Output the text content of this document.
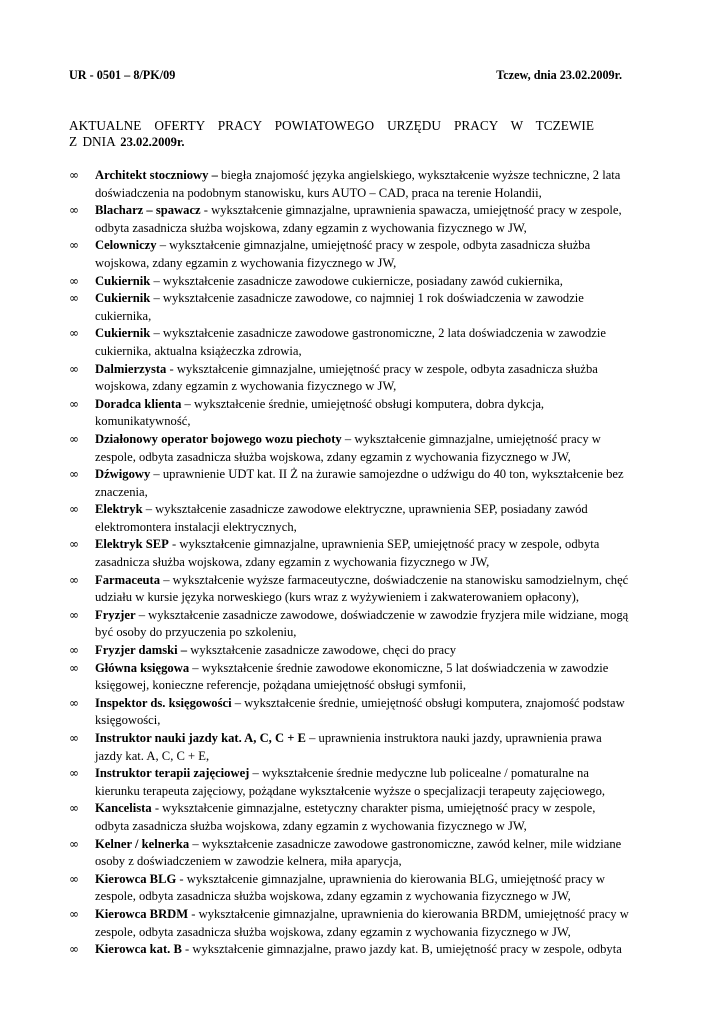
UR - 0501 – 8/PK/09	Tczew, dnia 23.02.2009r.
AKTUALNE OFERTY PRACY POWIATOWEGO URZĘDU PRACY W TCZEWIE
Z DNIA 23.02.2009r.
∞ Architekt stoczniowy – biegła znajomość języka angielskiego, wykształcenie wyższe techniczne, 2 lata doświadczenia na podobnym stanowisku, kurs AUTO – CAD, praca na terenie Holandii,
∞ Blacharz – spawacz - wykształcenie gimnazjalne, uprawnienia spawacza, umiejętność pracy w zespole, odbyta zasadnicza służba wojskowa, zdany egzamin z wychowania fizycznego w JW,
∞ Celowniczy – wykształcenie gimnazjalne, umiejętność pracy w zespole, odbyta zasadnicza służba wojskowa, zdany egzamin z wychowania fizycznego w JW,
∞ Cukiernik – wykształcenie zasadnicze zawodowe cukiernicze, posiadany zawód cukiernika,
∞ Cukiernik – wykształcenie zasadnicze zawodowe, co najmniej 1 rok doświadczenia w zawodzie cukiernika,
∞ Cukiernik – wykształcenie zasadnicze zawodowe gastronomiczne, 2 lata doświadczenia w zawodzie cukiernika, aktualna książeczka zdrowia,
∞ Dalmierzysta - wykształcenie gimnazjalne, umiejętność pracy w zespole, odbyta zasadnicza służba wojskowa, zdany egzamin z wychowania fizycznego w JW,
∞ Doradca klienta – wykształcenie średnie, umiejętność obsługi komputera, dobra dykcja, komunikatywność,
∞ Działonowy operator bojowego wozu piechoty – wykształcenie gimnazjalne, umiejętność pracy w zespole, odbyta zasadnicza służba wojskowa, zdany egzamin z wychowania fizycznego w JW,
∞ Dźwigowy – uprawnienie UDT kat. II Ż na żurawie samojezdne o udźwigu do 40 ton, wykształcenie bez znaczenia,
∞ Elektryk – wykształcenie zasadnicze zawodowe elektryczne, uprawnienia SEP, posiadany zawód elektromontera instalacji elektrycznych,
∞ Elektryk SEP - wykształcenie gimnazjalne, uprawnienia SEP, umiejętność pracy w zespole, odbyta zasadnicza służba wojskowa, zdany egzamin z wychowania fizycznego w JW,
∞ Farmaceuta – wykształcenie wyższe farmaceutyczne, doświadczenie na stanowisku samodzielnym, chęć udziału w kursie języka norweskiego (kurs wraz z wyżywieniem i zakwaterowaniem opłacony),
∞ Fryzjer – wykształcenie zasadnicze zawodowe, doświadczenie w zawodzie fryzjera mile widziane, mogą być osoby do przyuczenia po szkoleniu,
∞ Fryzjer damski – wykształcenie zasadnicze zawodowe, chęci do pracy
∞ Główna księgowa – wykształcenie średnie zawodowe ekonomiczne, 5 lat doświadczenia w zawodzie księgowej, konieczne referencje, pożądana umiejętność obsługi symfonii,
∞ Inspektor ds. księgowości – wykształcenie średnie, umiejętność obsługi komputera, znajomość podstaw księgowości,
∞ Instruktor nauki jazdy kat. A, C, C + E – uprawnienia instruktora nauki jazdy, uprawnienia prawa jazdy kat. A, C, C + E,
∞ Instruktor terapii zajęciowej – wykształcenie średnie medyczne lub policealne / pomaturalne na kierunku terapeuta zajęciowy, pożądane wykształcenie wyższe o specjalizacji terapeuty zajęciowego,
∞ Kancelista - wykształcenie gimnazjalne, estetyczny charakter pisma, umiejętność pracy w zespole, odbyta zasadnicza służba wojskowa, zdany egzamin z wychowania fizycznego w JW,
∞ Kelner / kelnerka – wykształcenie zasadnicze zawodowe gastronomiczne, zawód kelner, mile widziane osoby z doświadczeniem w zawodzie kelnera, miła aparycja,
∞ Kierowca BLG - wykształcenie gimnazjalne, uprawnienia do kierowania BLG, umiejętność pracy w zespole, odbyta zasadnicza służba wojskowa, zdany egzamin z wychowania fizycznego w JW,
∞ Kierowca BRDM - wykształcenie gimnazjalne, uprawnienia do kierowania BRDM, umiejętność pracy w zespole, odbyta zasadnicza służba wojskowa, zdany egzamin z wychowania fizycznego w JW,
∞ Kierowca kat. B - wykształcenie gimnazjalne, prawo jazdy kat. B, umiejętność pracy w zespole, odbyta
